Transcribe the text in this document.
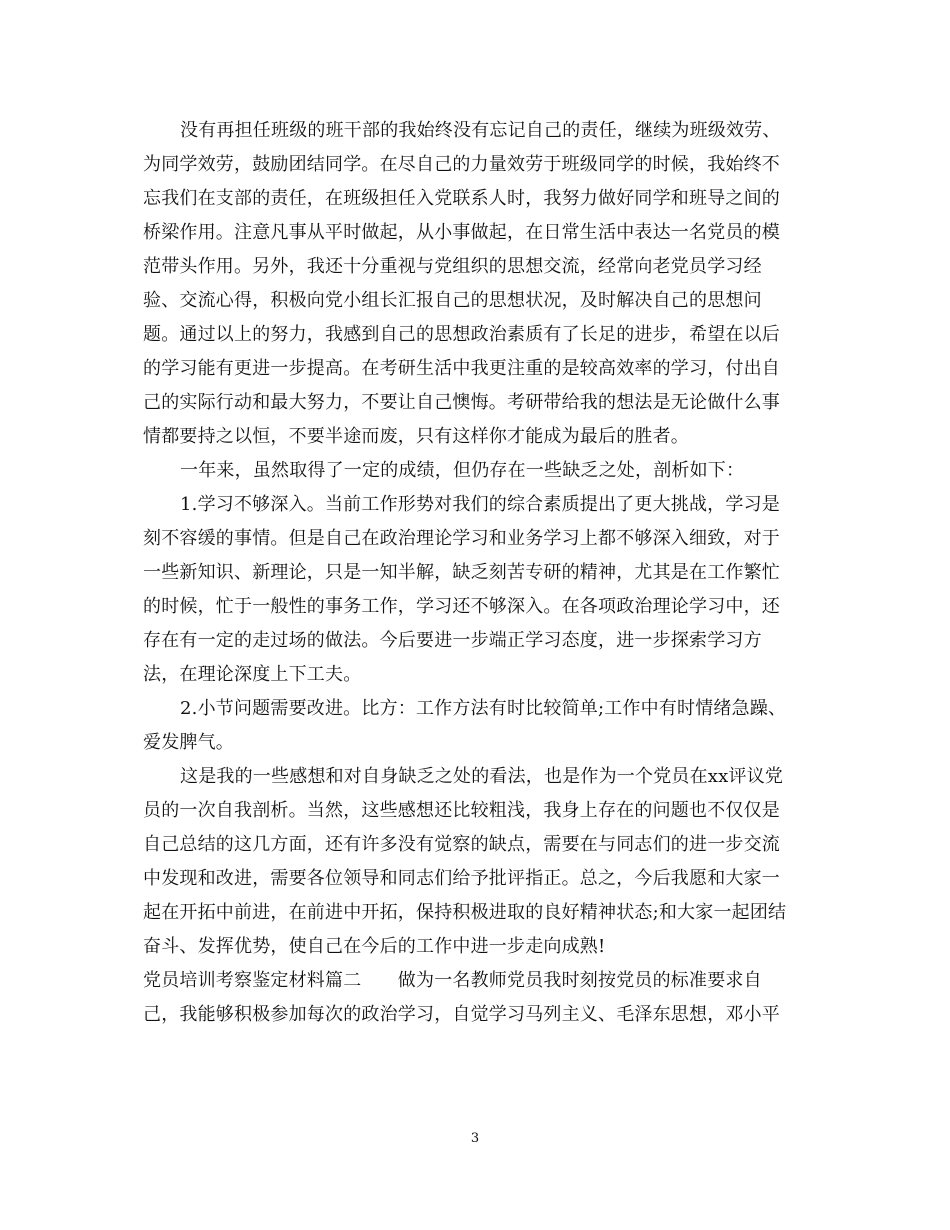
没有再担任班级的班干部的我始终没有忘记自己的责任，继续为班级效劳、
为同学效劳，鼓励团结同学。在尽自己的力量效劳于班级同学的时候，我始终不
忘我们在支部的责任，在班级担任入党联系人时，我努力做好同学和班导之间的
桥梁作用。注意凡事从平时做起，从小事做起，在日常生活中表达一名党员的模
范带头作用。另外，我还十分重视与党组织的思想交流，经常向老党员学习经
验、交流心得，积极向党小组长汇报自己的思想状况，及时解决自己的思想问
题。通过以上的努力，我感到自己的思想政治素质有了长足的进步，希望在以后
的学习能有更进一步提高。在考研生活中我更注重的是较高效率的学习，付出自
己的实际行动和最大努力，不要让自己懊悔。考研带给我的想法是无论做什么事
情都要持之以恒，不要半途而废，只有这样你才能成为最后的胜者。
一年来，虽然取得了一定的成绩，但仍存在一些缺乏之处，剖析如下：
1.学习不够深入。当前工作形势对我们的综合素质提出了更大挑战，学习是
刻不容缓的事情。但是自己在政治理论学习和业务学习上都不够深入细致，对于
一些新知识、新理论，只是一知半解，缺乏刻苦专研的精神，尤其是在工作繁忙
的时候，忙于一般性的事务工作，学习还不够深入。在各项政治理论学习中，还
存在有一定的走过场的做法。今后要进一步端正学习态度，进一步探索学习方
法，在理论深度上下工夫。
2.小节问题需要改进。比方：工作方法有时比较简单;工作中有时情绪急躁、
爱发脾气。
这是我的一些感想和对自身缺乏之处的看法，也是作为一个党员在xx评议党
员的一次自我剖析。当然，这些感想还比较粗浅，我身上存在的问题也不仅仅是
自己总结的这几方面，还有许多没有觉察的缺点，需要在与同志们的进一步交流
中发现和改进，需要各位领导和同志们给予批评指正。总之，今后我愿和大家一
起在开拓中前进，在前进中开拓，保持积极进取的良好精神状态;和大家一起团结
奋斗、发挥优势，使自己在今后的工作中进一步走向成熟!
党员培训考察鉴定材料篇二　　做为一名教师党员我时刻按党员的标准要求自
己，我能够积极参加每次的政治学习，自觉学习马列主义、毛泽东思想，邓小平
3
